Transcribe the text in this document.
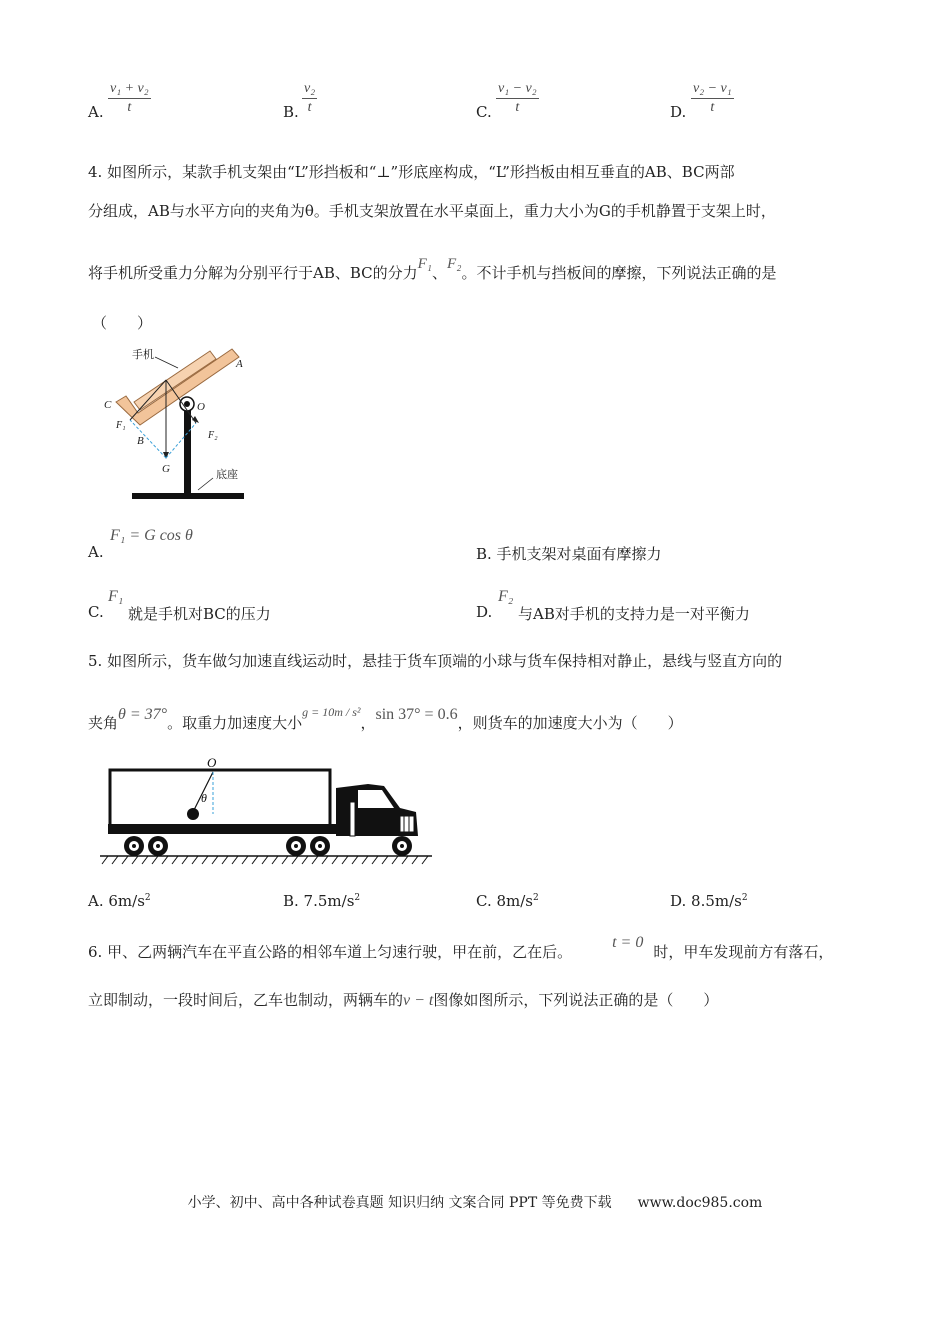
A. $\frac{\text{v₁ + v₂}}{t}$	B. $\frac{\text{v₂}}{t}$	C. $\frac{\text{v₁ − v₂}}{t}$	D. $\frac{\text{v₂ − v₁}}{t}$
4. 如图所示，某款手机支架由“L”形挡板和“⊥”形底座构成，“L”形挡板由相互垂直的AB、BC两部
分组成，AB与水平方向的夹角为θ。手机支架放置在水平桌面上，重力大小为G的手机静置于支架上时，
将手机所受重力分解为分别平行于AB、BC的分力F₁、F₂。不计手机与挡板间的摩擦，下列说法正确的是
（　　）
手机
A
C	O
F₁
F₂
B
G	底座
A.
F₁ = G cos θ
B. 手机支架对桌面有摩擦力
C.
F₁
就是手机对BC的压力	D.
F₂
与AB对手机的支持力是一对平衡力
5. 如图所示，货车做匀加速直线运动时，悬挂于货车顶端的小球与货车保持相对静止，悬线与竖直方向的
夹角θ = 37°。取重力加速度大小$^{g = 10m / s^2}$，sin 37° = 0.6，则货车的加速度大小为（　　）
O
θ
A. $6m/s^2$	B. $7.5m/s^2$	C. $8m/s^2$	D. $8.5m/s^2$
6. 甲、乙两辆汽车在平直公路的相邻车道上匀速行驶，甲在前，乙在后。t = 0时，甲车发现前方有落石，
立即制动，一段时间后，乙车也制动，两辆车的v − t图像如图所示，下列说法正确的是（　　）
小学、初中、高中各种试卷真题 知识归纳 文案合同 PPT 等免费下载 www.doc985.com
